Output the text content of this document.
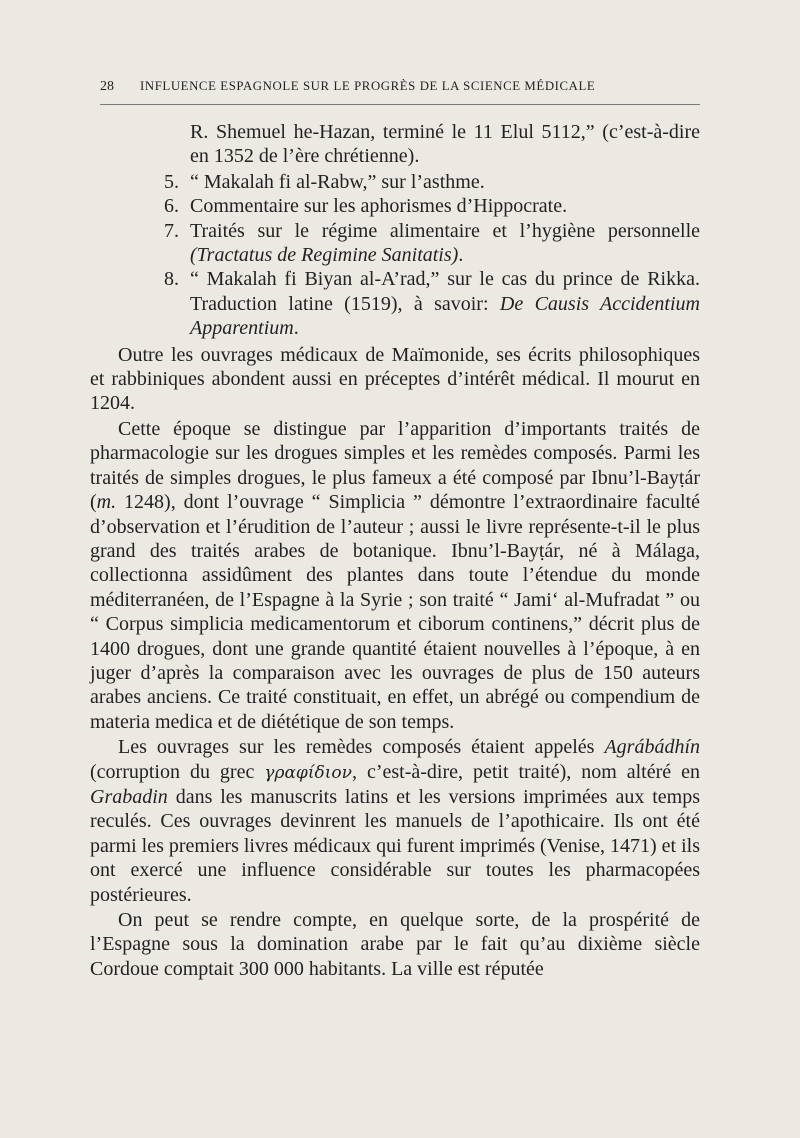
28 INFLUENCE ESPAGNOLE SUR LE PROGRÈS DE LA SCIENCE MÉDICALE

R. Shemuel he-Hazan, terminé le 11 Elul 5112,” (c’est-à-dire en 1352 de l’ère chrétienne).

5. “ Makalah fi al-Rabw,” sur l’asthme.

6. Commentaire sur les aphorismes d’Hippocrate.

7. Traités sur le régime alimentaire et l’hygiène personnelle (Tractatus de Regimine Sanitatis).

8. “ Makalah fi Biyan al-A’rad,” sur le cas du prince de Rikka. Traduction latine (1519), à savoir: De Causis Accidentium Apparentium.

Outre les ouvrages médicaux de Maïmonide, ses écrits philosophiques et rabbiniques abondent aussi en préceptes d’intérêt médical. Il mourut en 1204.

Cette époque se distingue par l’apparition d’importants traités de pharmacologie sur les drogues simples et les remèdes composés. Parmi les traités de simples drogues, le plus fameux a été composé par Ibnu’l-Bayṭár (m. 1248), dont l’ouvrage “ Simplicia ” démontre l’extraordinaire faculté d’observation et l’érudition de l’auteur ; aussi le livre représente-t-il le plus grand des traités arabes de botanique. Ibnu’l-Bayṭár, né à Málaga, collectionna assidûment des plantes dans toute l’étendue du monde méditerranéen, de l’Espagne à la Syrie ; son traité “ Jami‘ al-Mufradat ” ou “ Corpus simplicia medicamentorum et ciborum continens,” décrit plus de 1400 drogues, dont une grande quantité étaient nouvelles à l’époque, à en juger d’après la comparaison avec les ouvrages de plus de 150 auteurs arabes anciens. Ce traité constituait, en effet, un abrégé ou compendium de materia medica et de diététique de son temps.

Les ouvrages sur les remèdes composés étaient appelés Agrábádhín (corruption du grec γραφίδιον, c’est-à-dire, petit traité), nom altéré en Grabadin dans les manuscrits latins et les versions imprimées aux temps reculés. Ces ouvrages devinrent les manuels de l’apothicaire. Ils ont été parmi les premiers livres médicaux qui furent imprimés (Venise, 1471) et ils ont exercé une influence considérable sur toutes les pharmacopées postérieures.

On peut se rendre compte, en quelque sorte, de la prospérité de l’Espagne sous la domination arabe par le fait qu’au dixième siècle Cordoue comptait 300 000 habitants. La ville est réputée
